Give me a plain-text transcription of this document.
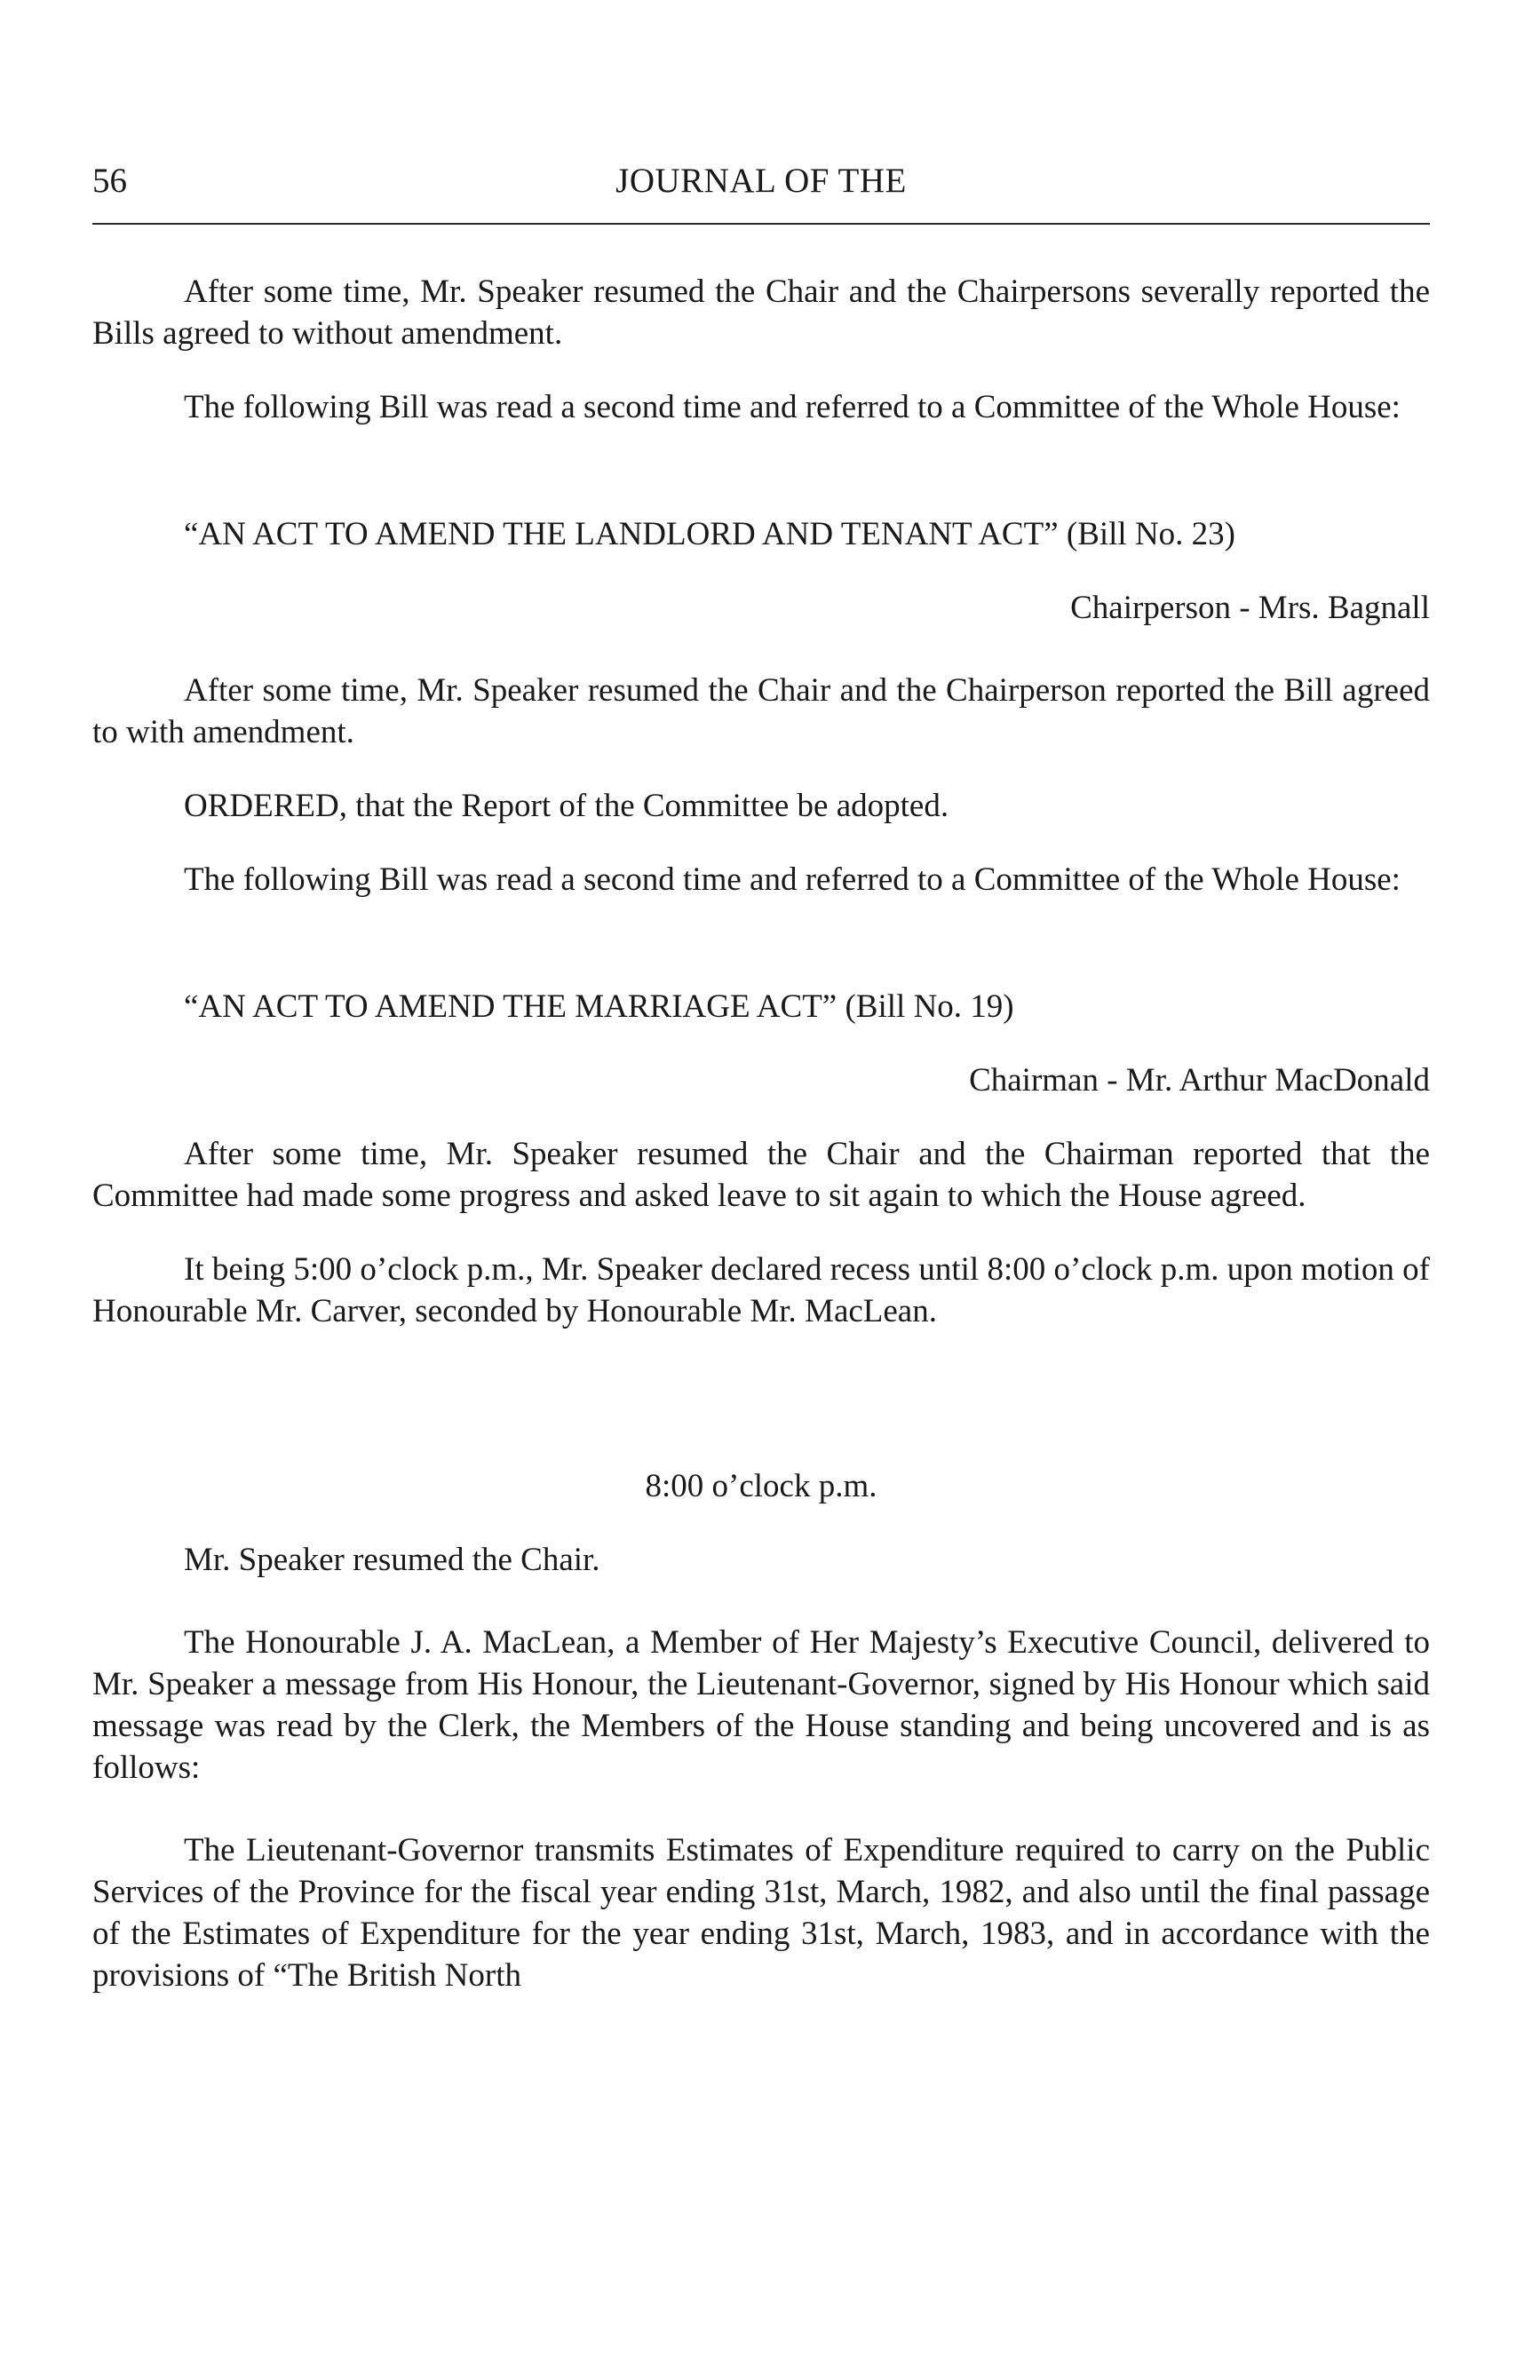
56	JOURNAL OF THE

After some time, Mr. Speaker resumed the Chair and the Chairpersons severally reported the Bills agreed to without amendment.

The following Bill was read a second time and referred to a Committee of the Whole House:

“AN ACT TO AMEND THE LANDLORD AND TENANT ACT” (Bill No. 23)

Chairperson - Mrs. Bagnall

After some time, Mr. Speaker resumed the Chair and the Chairperson reported the Bill agreed to with amendment.

ORDERED, that the Report of the Committee be adopted.

The following Bill was read a second time and referred to a Committee of the Whole House:

“AN ACT TO AMEND THE MARRIAGE ACT” (Bill No. 19)

Chairman - Mr. Arthur MacDonald

After some time, Mr. Speaker resumed the Chair and the Chairman reported that the Committee had made some progress and asked leave to sit again to which the House agreed.

It being 5:00 o’clock p.m., Mr. Speaker declared recess until 8:00 o’clock p.m. upon motion of Honourable Mr. Carver, seconded by Honourable Mr. MacLean.

8:00 o’clock p.m.

Mr. Speaker resumed the Chair.

The Honourable J. A. MacLean, a Member of Her Majesty’s Executive Council, delivered to Mr. Speaker a message from His Honour, the Lieutenant-Governor, signed by His Honour which said message was read by the Clerk, the Members of the House standing and being uncovered and is as follows:

The Lieutenant-Governor transmits Estimates of Expenditure required to carry on the Public Services of the Province for the fiscal year ending 31st, March, 1982, and also until the final passage of the Estimates of Expenditure for the year ending 31st, March, 1983, and in accordance with the provisions of “The British North
